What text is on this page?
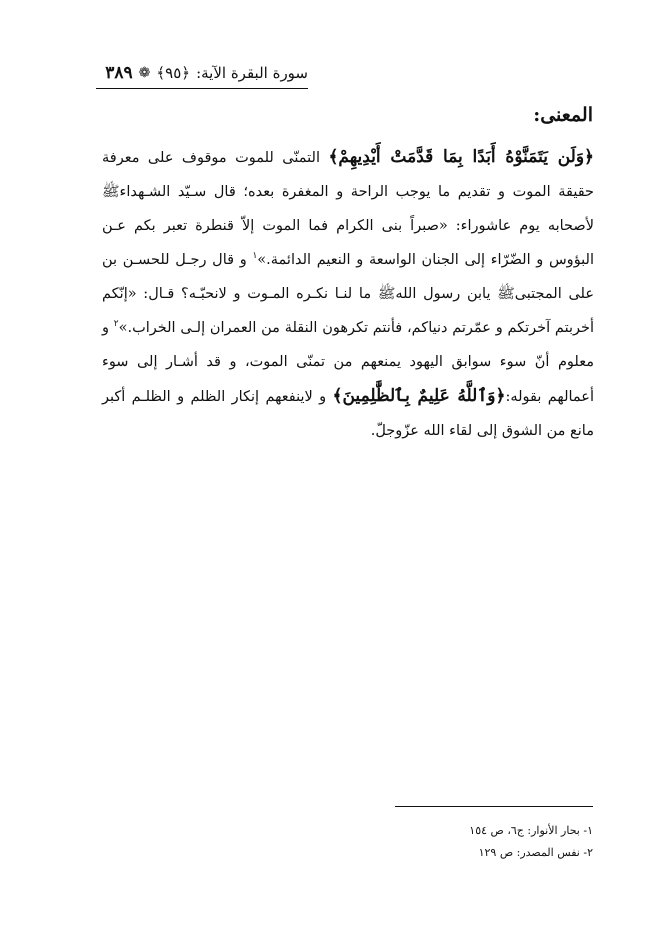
سورة البقرة الآية:
﴿٩٥﴾
❁
٣٨٩
المعنى:

﴿وَلَن يَتَمَنَّوْهُ أَبَدًا بِمَا قَدَّمَتْ أَيْدِيهِمْ﴾ التمنّى للموت موقوف على معرفة حقيقة الموت و تقديم ما يوجب الراحة و المغفرة بعده؛ قال سـيّد الشـهداءﷺ لأصحابه يوم عاشوراء: «صبراً بنى الكرام فما الموت إلاّ قنطرة تعبر بكم عـن البؤوس و الضّرّاء إلى الجنان الواسعة و النعيم الدائمة.»$^١$ و قال رجـل للحسـن بن على المجتبىﷺ يابن رسول اللهﷺ ما لنـا نكـره المـوت و لانحبّـه؟ قـال: «إنّكم أخربتم آخرتكم و عمّرتم دنياكم، فأنتم تكرهون النقلة من العمران إلـى الخراب.»$^٢$ و معلوم أنّ سوء سوابق اليهود يمنعهم من تمنّى الموت، و قد أشـار إلى سوء أعمالهم بقوله:﴿وَٱللَّهُ عَلِيمٌ بِٱلظَّٰلِمِينَ﴾ و لاينفعهم إنكار الظلم و الظلـم أكبر مانع من الشوق إلى لقاء الله عزّوجلّ.

١- بحار الأنوار: ج٦، ص ١٥٤
٢- نفس المصدر: ص ١٢٩
